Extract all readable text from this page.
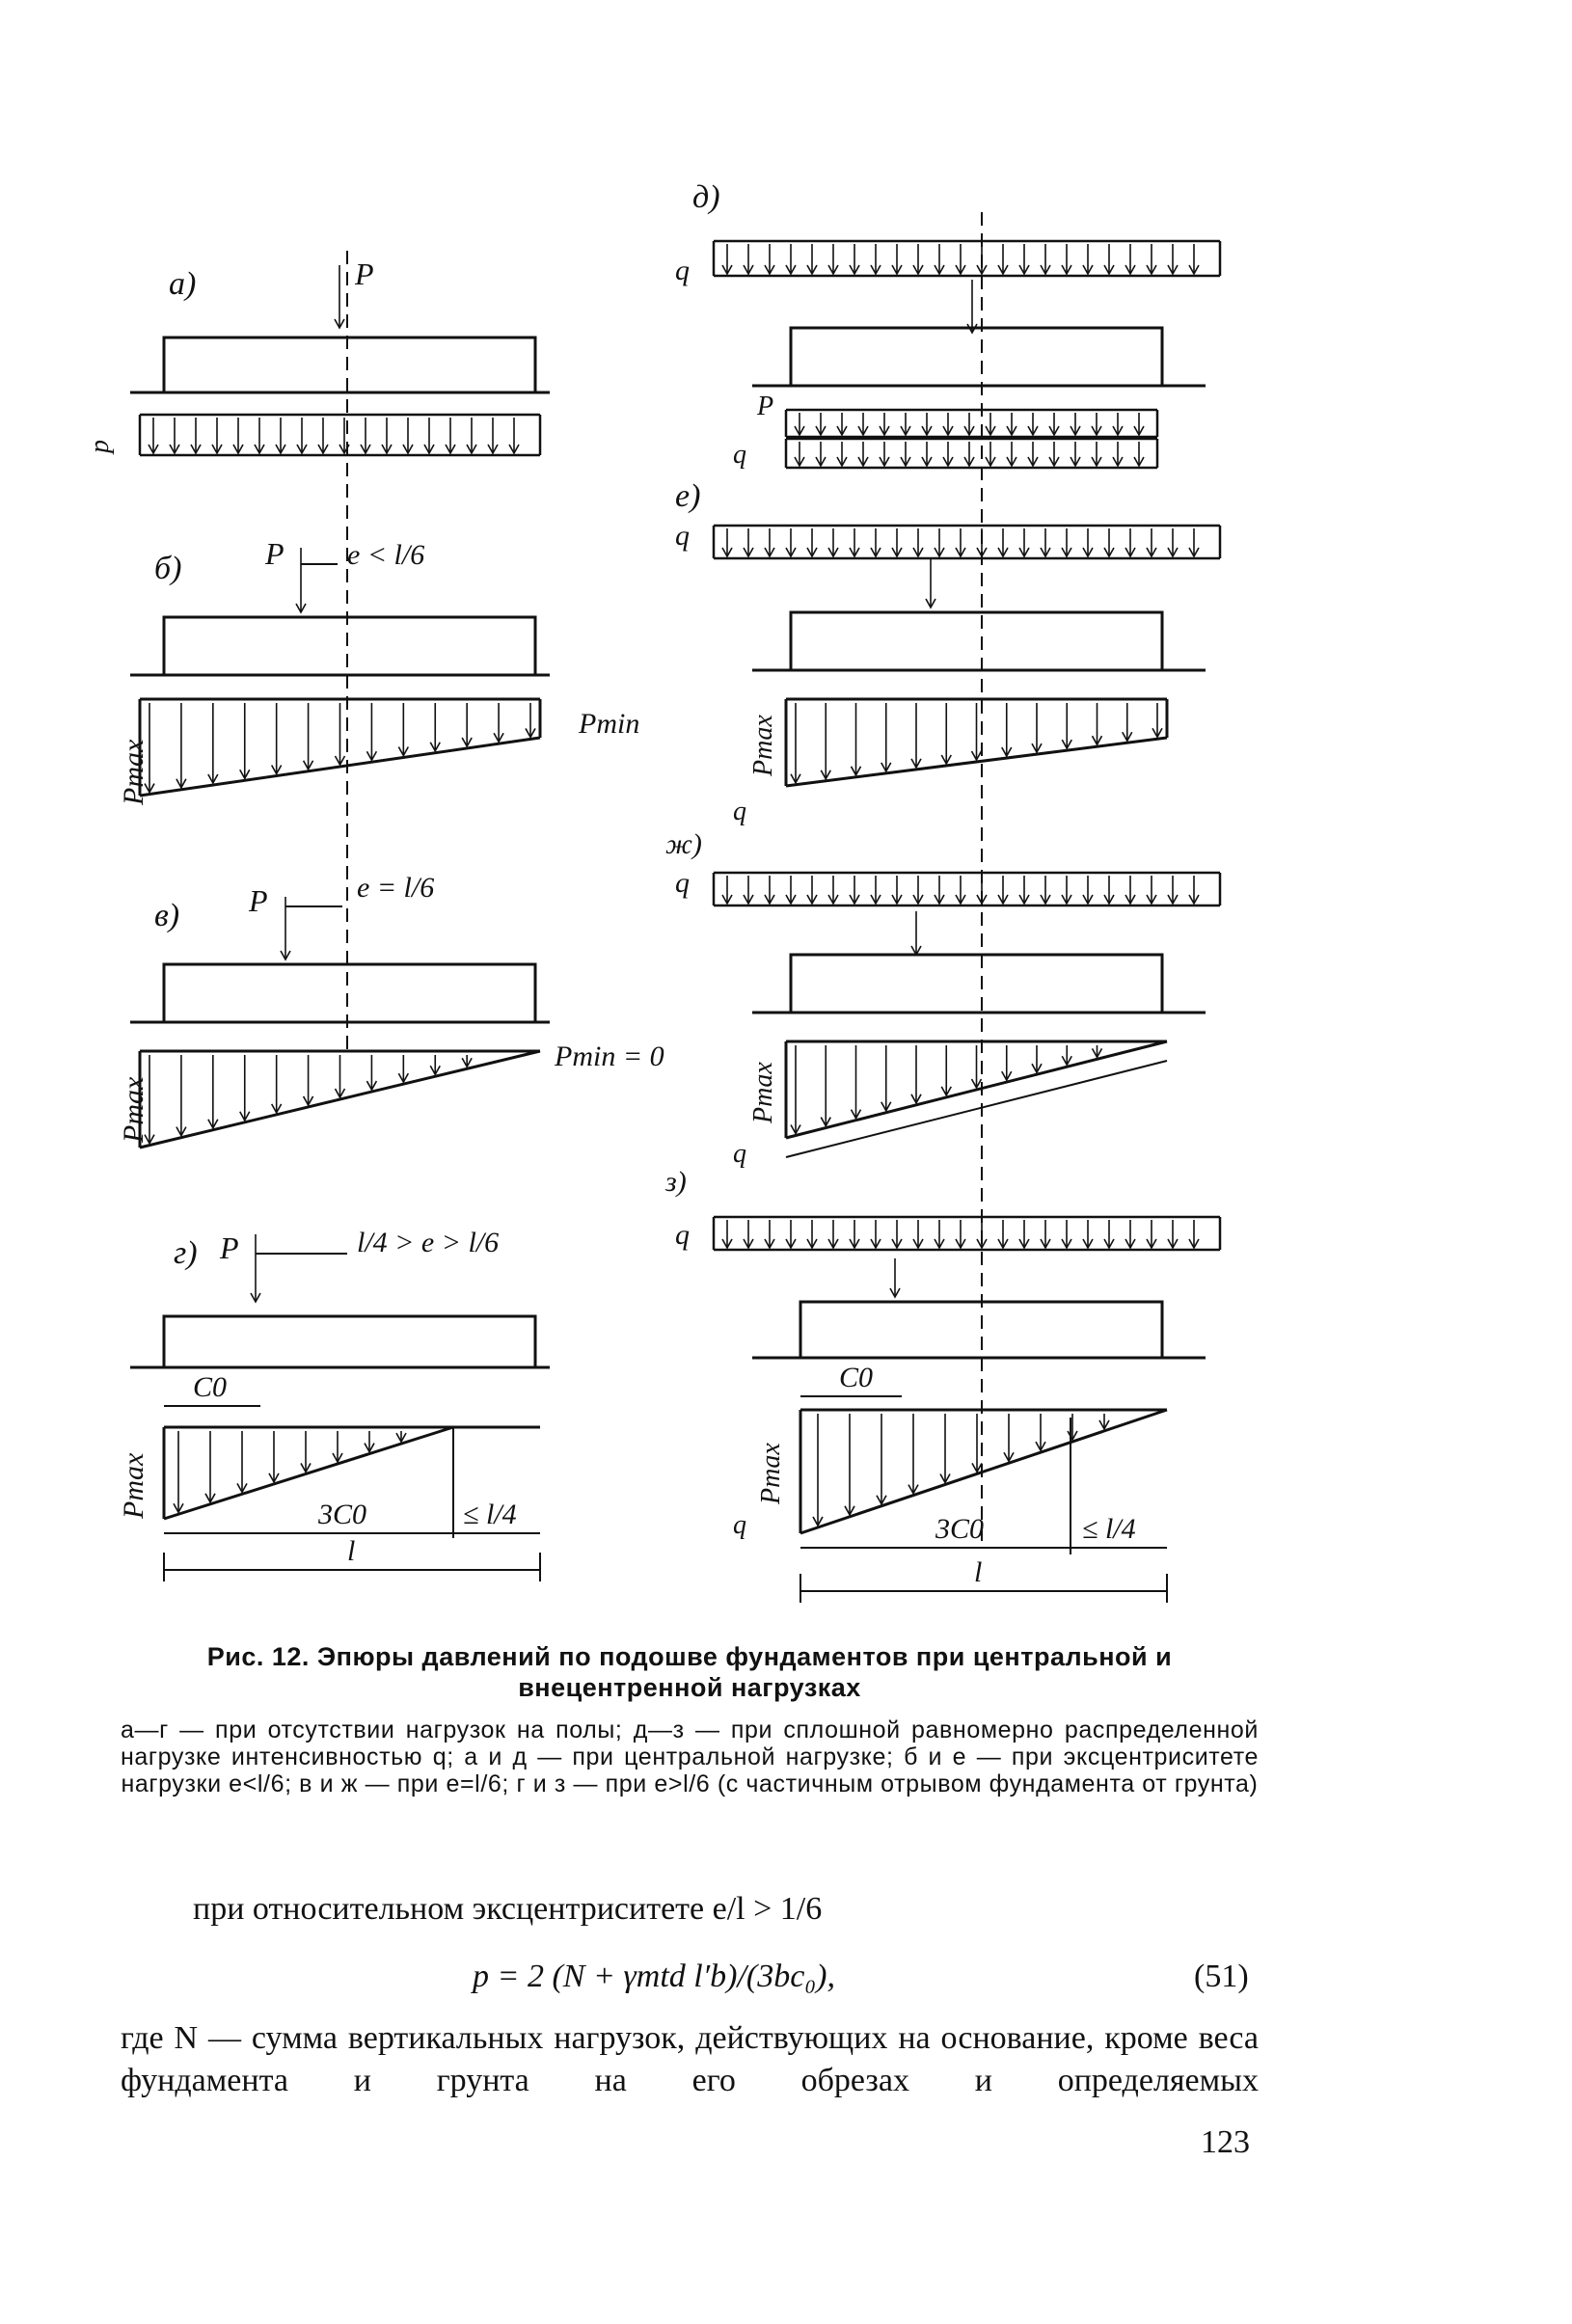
а)	P
p
б)	P e < l/6
Pmax
Pmin
в) P	e = l/6
Pmax
Pmin = 0
г) P	l/4 > e > l/6
C0
Pmax	3C0	≤ l/4
l
д)
q
P
q
е)
q
Pmax
q
ж)
q
Pmax
q
з)
q
C0
Pmax
q	3C0	≤ l/4
l
Рис. 12. Эпюры давлений по подошве фундаментов при центральной и внецентренной нагрузках
а—г — при отсутствии нагрузок на полы; д—з — при сплошной равномерно распределенной нагрузке интенсивностью q; а и д — при центральной нагрузке; б и е — при эксцентриситете нагрузки e<l/6; в и ж — при e=l/6; г и з — при e>l/6 (с частичным отрывом фундамента от грунта)
при относительном эксцентриситете e/l > 1/6
p = 2 (N + γmtd l′b)/(3bc₀),	(51)
где N — сумма вертикальных нагрузок, действующих на основание, кроме веса фундамента и грунта на его обрезах и определяемых
123
